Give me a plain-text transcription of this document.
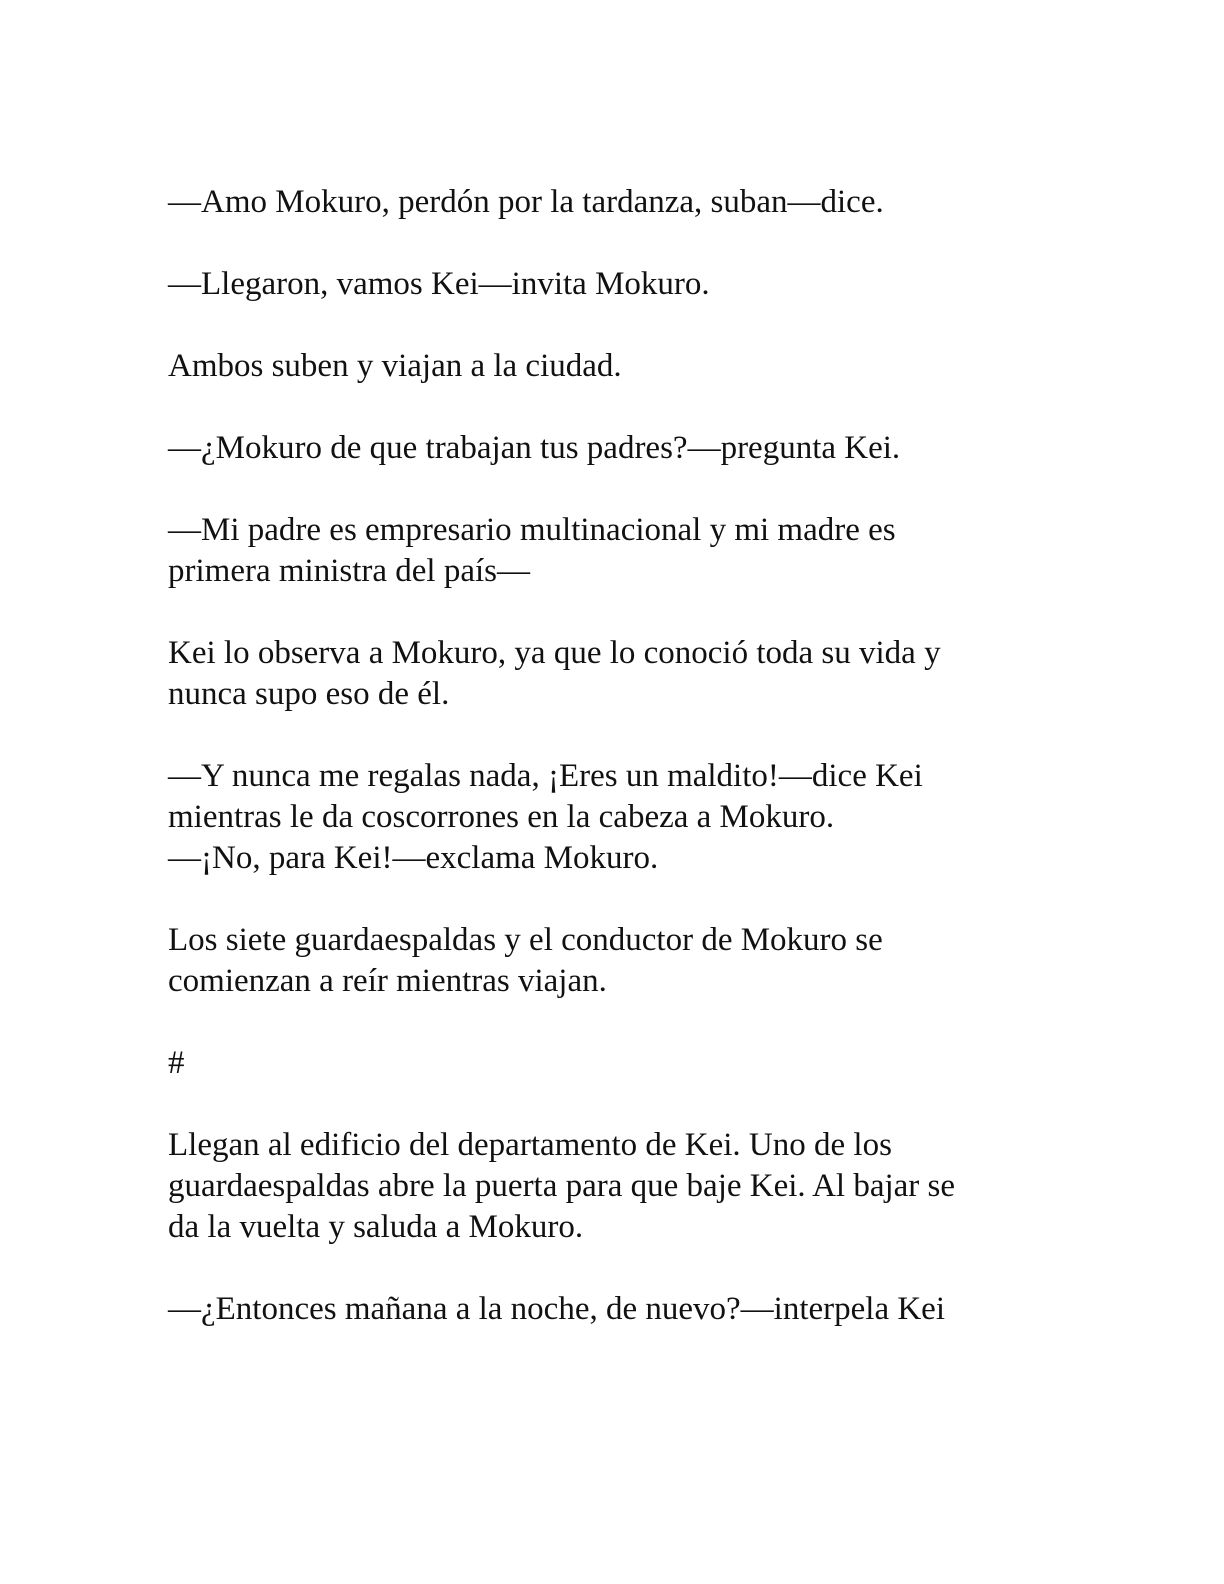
—Amo Mokuro, perdón por la tardanza, suban—dice.
—Llegaron, vamos Kei—invita Mokuro.
Ambos suben y viajan a la ciudad.
—¿Mokuro de que trabajan tus padres?—pregunta Kei.
—Mi padre es empresario multinacional y mi madre es
primera ministra del país—
Kei lo observa a Mokuro, ya que lo conoció toda su vida y
nunca supo eso de él.
—Y nunca me regalas nada, ¡Eres un maldito!—dice Kei
mientras le da coscorrones en la cabeza a Mokuro.
—¡No, para Kei!—exclama Mokuro.
Los siete guardaespaldas y el conductor de Mokuro se
comienzan a reír mientras viajan.
#
Llegan al edificio del departamento de Kei. Uno de los
guardaespaldas abre la puerta para que baje Kei. Al bajar se
da la vuelta y saluda a Mokuro.
—¿Entonces mañana a la noche, de nuevo?—interpela Kei
